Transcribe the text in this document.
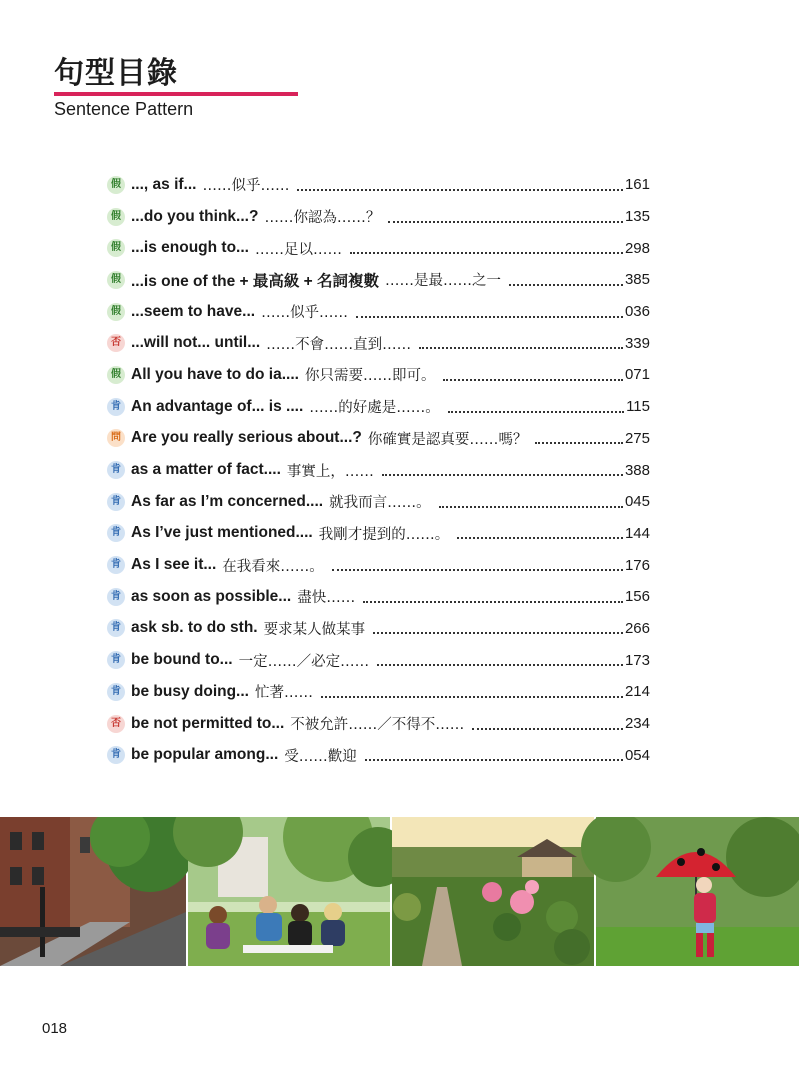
句型目錄
Sentence Pattern
假 ..., as if... ……似乎……	161
假 ...do you think...? ……你認為……？	135
假 ...is enough to... ……足以……	298
假 ...is one of the + 最高級 + 名詞複數 ……是最……之一	385
假 ...seem to have... ……似乎……	036
否 ...will not... until... ……不會……直到……	339
假 All you have to do ia.... 你只需要……即可。	071
肯 An advantage of... is .... ……的好處是……。	115
問 Are you really serious about...? 你確實是認真要……嗎？	275
肯 as a matter of fact.... 事實上，……	388
肯 As far as I’m concerned.... 就我而言……。	045
肯 As I’ve just mentioned.... 我剛才提到的……。	144
肯 As I see it... 在我看來……。	176
肯 as soon as possible... 盡快……	156
肯 ask sb. to do sth. 要求某人做某事	266
肯 be bound to... 一定……／必定……	173
肯 be busy doing... 忙著……	214
否 be not permitted to... 不被允許……／不得不……	234
肯 be popular among... 受……歡迎	054
018
